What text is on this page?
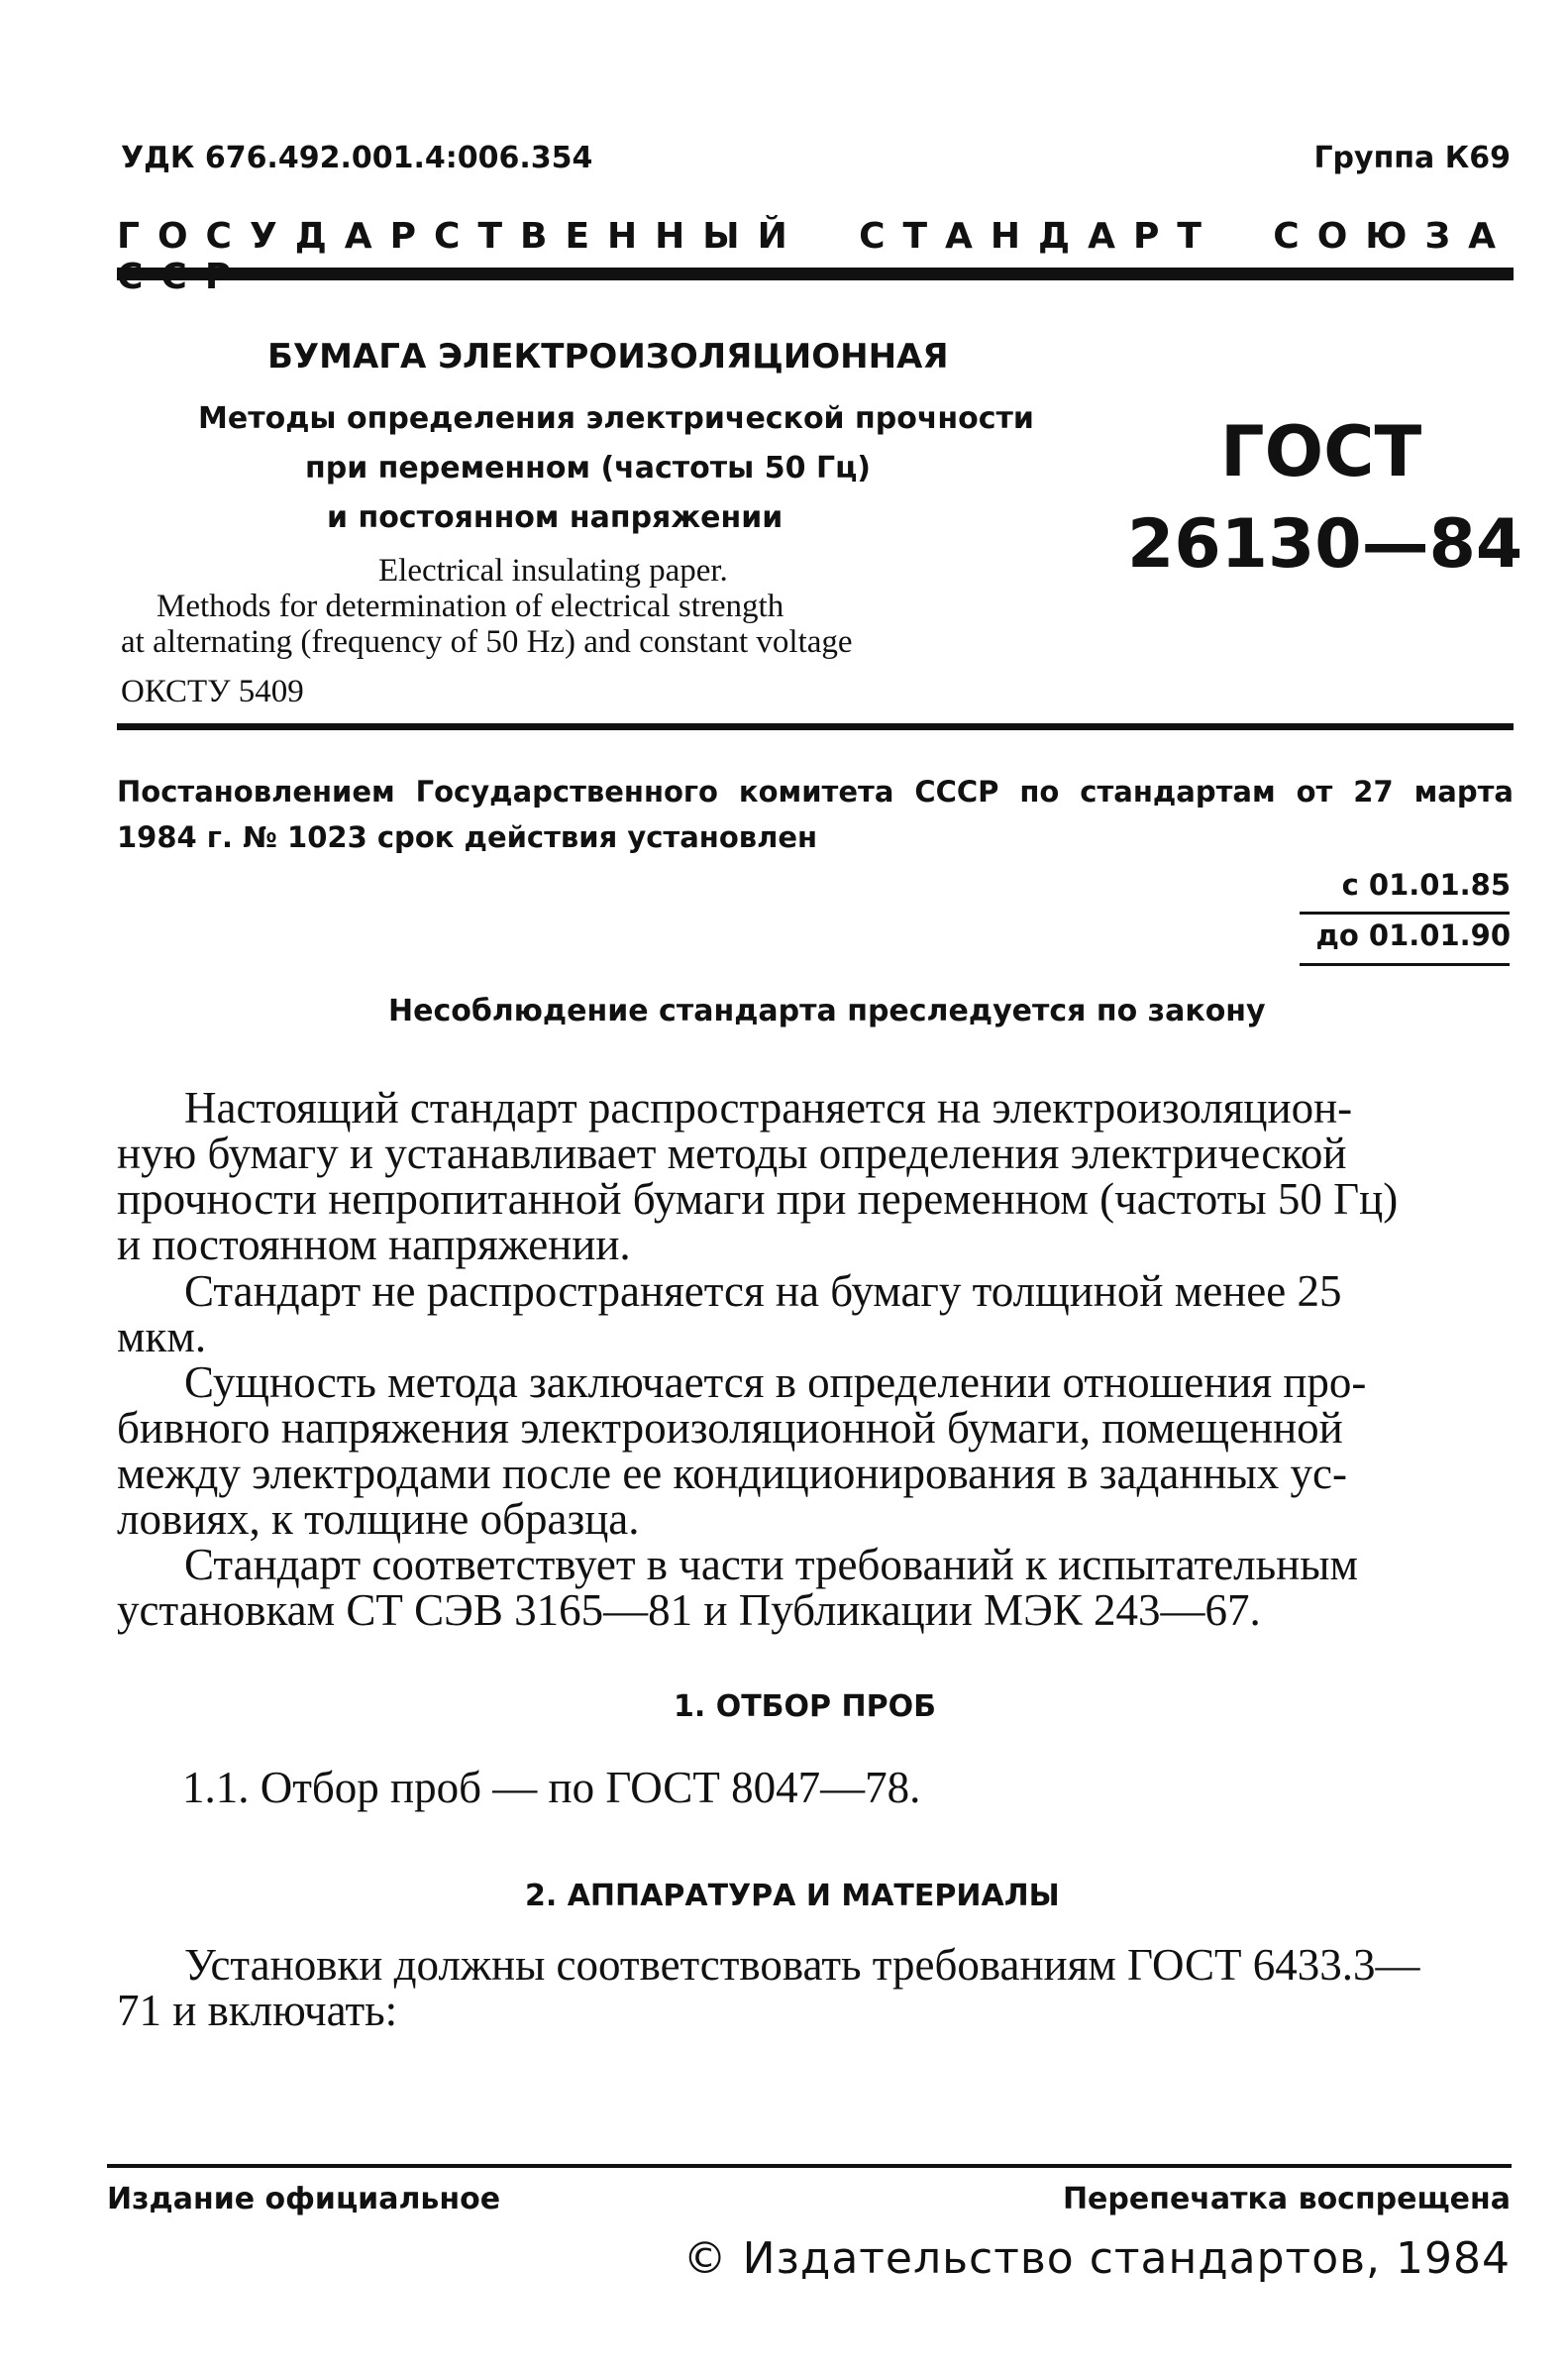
УДК 676.492.001.4:006.354	Группа К69
ГОСУДАРСТВЕННЫЙ СТАНДАРТ СОЮЗА
БУМАГА ЭЛЕКТРОИЗОЛЯЦИОННАЯ
Методы определения электрической прочности
при переменном (частоты 50 Гц)
и постоянном напряжении
Electrical insulating paper.
Methods for determination of electrical strength
at alternating (frequency of 50 Hz) and constant voltage
ОКСТУ 5409
ГОСТ
26130—84
Постановлением Государственного комитета СССР по стандартам от 27 марта
1984 г. № 1023 срок действия установлен
с 01.01.85
до 01.01.90
Несоблюдение стандарта преследуется по закону
Настоящий стандарт распространяется на электроизоляцион-
ную бумагу и устанавливает методы определения электрической
прочности непропитанной бумаги при переменном (частоты 50 Гц)
и постоянном напряжении.
Стандарт не распространяется на бумагу толщиной менее 25
мкм.
Сущность метода заключается в определении отношения про-
бивного напряжения электроизоляционной бумаги, помещенной
между электродами после ее кондиционирования в заданных ус-
ловиях, к толщине образца.
Стандарт соответствует в части требований к испытательным
установкам СТ СЭВ 3165—81 и Публикации МЭК 243—67.
1. ОТБОР ПРОБ
1.1. Отбор проб — по ГОСТ 8047—78.
2. АППАРАТУРА И МАТЕРИАЛЫ
Установки должны соответствовать требованиям ГОСТ 6433.3—
71 и включать:
Издание официальное	Перепечатка воспрещена
© Издательство стандартов, 1984
